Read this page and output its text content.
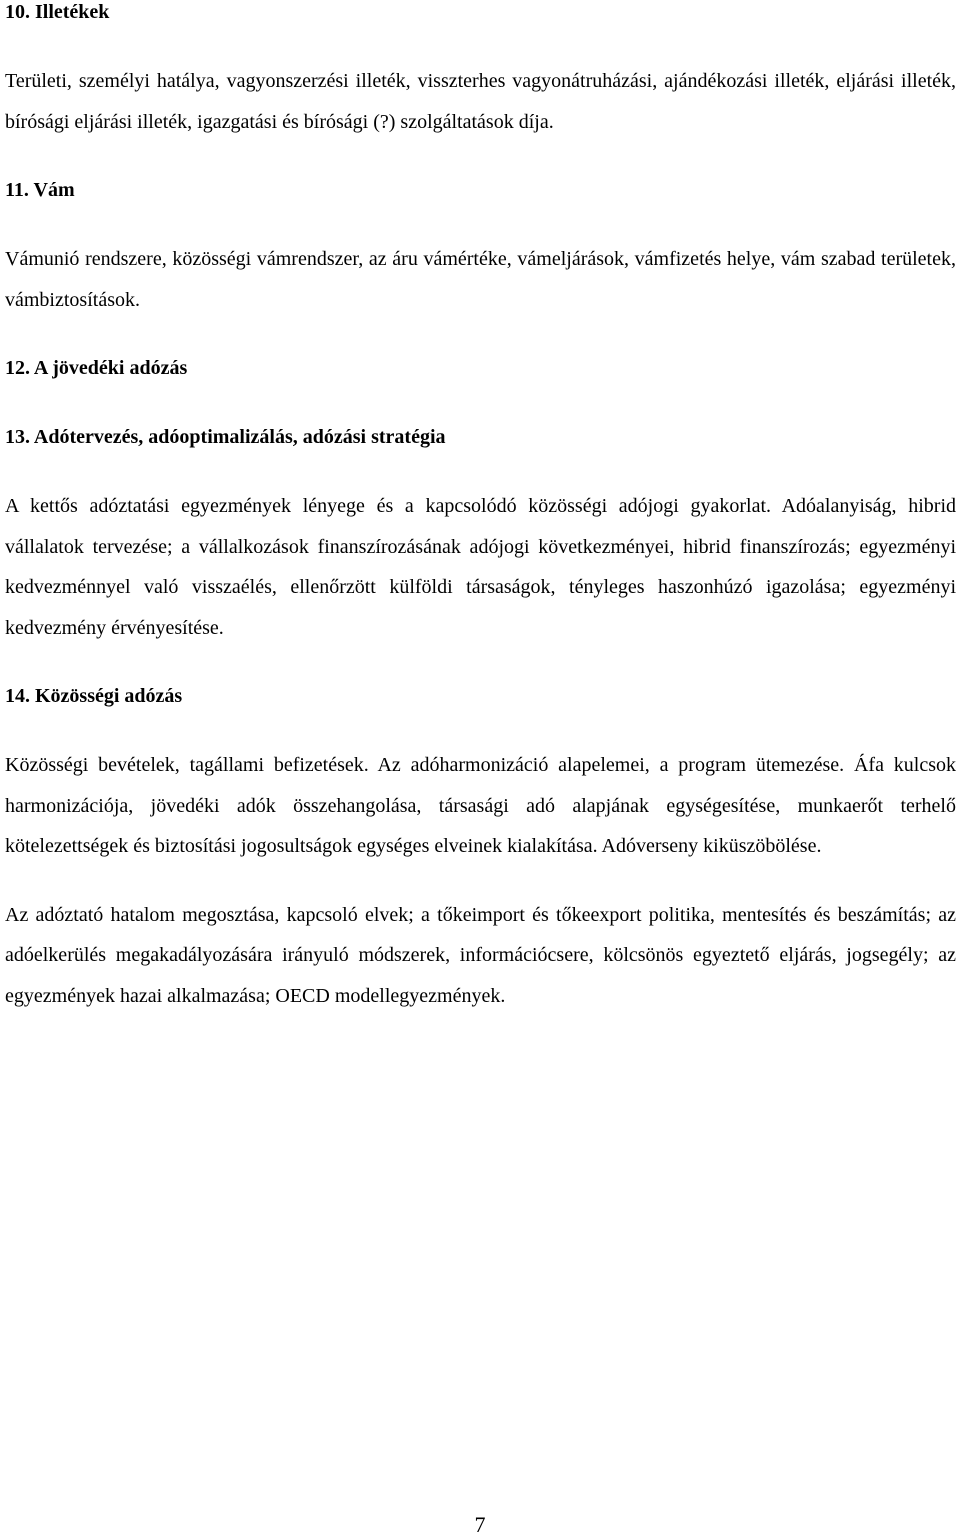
10. Illetékek

Területi, személyi hatálya, vagyonszerzési illeték, visszterhes vagyonátruházási, ajándékozási illeték, eljárási illeték, bírósági eljárási illeték, igazgatási és bírósági (?) szolgáltatások díja.

11. Vám

Vámunió rendszere, közösségi vámrendszer, az áru vámértéke, vámeljárások, vámfizetés helye, vám szabad területek, vámbiztosítások.

12. A jövedéki adózás
13. Adótervezés, adóoptimalizálás, adózási stratégia

A kettős adóztatási egyezmények lényege és a kapcsolódó közösségi adójogi gyakorlat. Adóalanyiság, hibrid vállalatok tervezése; a vállalkozások finanszírozásának adójogi következményei, hibrid finanszírozás; egyezményi kedvezménnyel való visszaélés, ellenőrzött külföldi társaságok, tényleges haszonhúzó igazolása; egyezményi kedvezmény érvényesítése.

14. Közösségi adózás

Közösségi bevételek, tagállami befizetések. Az adóharmonizáció alapelemei, a program ütemezése. Áfa kulcsok harmonizációja, jövedéki adók összehangolása, társasági adó alapjának egységesítése, munkaerőt terhelő kötelezettségek és biztosítási jogosultságok egységes elveinek kialakítása. Adóverseny kiküszöbölése.

Az adóztató hatalom megosztása, kapcsoló elvek; a tőkeimport és tőkeexport politika, mentesítés és beszámítás; az adóelkerülés megakadályozására irányuló módszerek, információcsere, kölcsönös egyeztető eljárás, jogsegély; az egyezmények hazai alkalmazása; OECD modellegyezmények.

7
